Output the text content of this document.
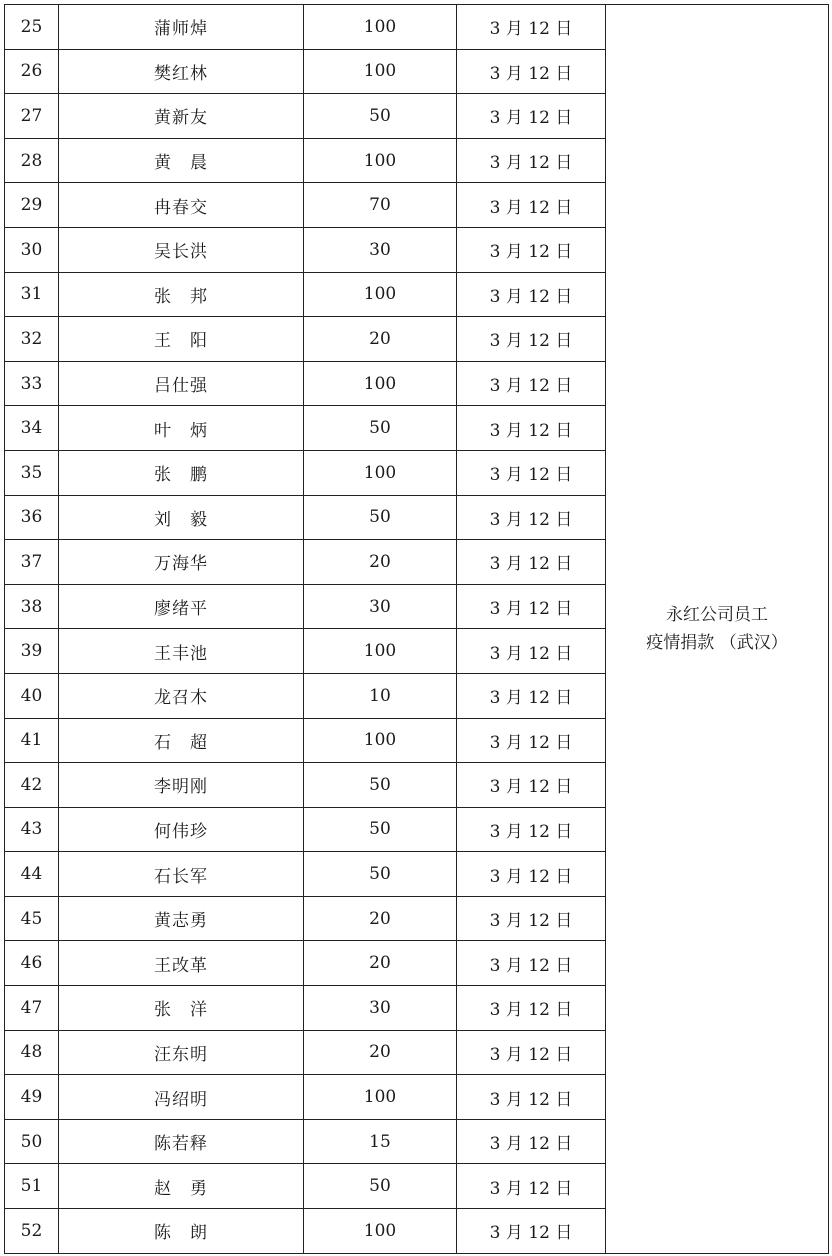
25	蒲师焯	100	3 月 12 日	永红公司员工
疫情捐款 （武汉）

26	樊红林	100	3 月 12 日	
27	黄新友	50	3 月 12 日	
28	黄　晨	100	3 月 12 日	
29	冉春交	70	3 月 12 日	
30	吴长洪	30	3 月 12 日	
31	张　邦	100	3 月 12 日	
32	王　阳	20	3 月 12 日	
33	吕仕强	100	3 月 12 日	
34	叶　炳	50	3 月 12 日	
35	张　鹏	100	3 月 12 日	
36	刘　毅	50	3 月 12 日	
37	万海华	20	3 月 12 日	
38	廖绪平	30	3 月 12 日	
39	王丰池	100	3 月 12 日	
40	龙召木	10	3 月 12 日	
41	石　超	100	3 月 12 日	
42	李明刚	50	3 月 12 日	
43	何伟珍	50	3 月 12 日	
44	石长军	50	3 月 12 日	
45	黄志勇	20	3 月 12 日	
46	王改革	20	3 月 12 日	
47	张　洋	30	3 月 12 日	
48	汪东明	20	3 月 12 日	
49	冯绍明	100	3 月 12 日	
50	陈若释	15	3 月 12 日	
51	赵　勇	50	3 月 12 日	
52	陈　朗	100	3 月 12 日	
